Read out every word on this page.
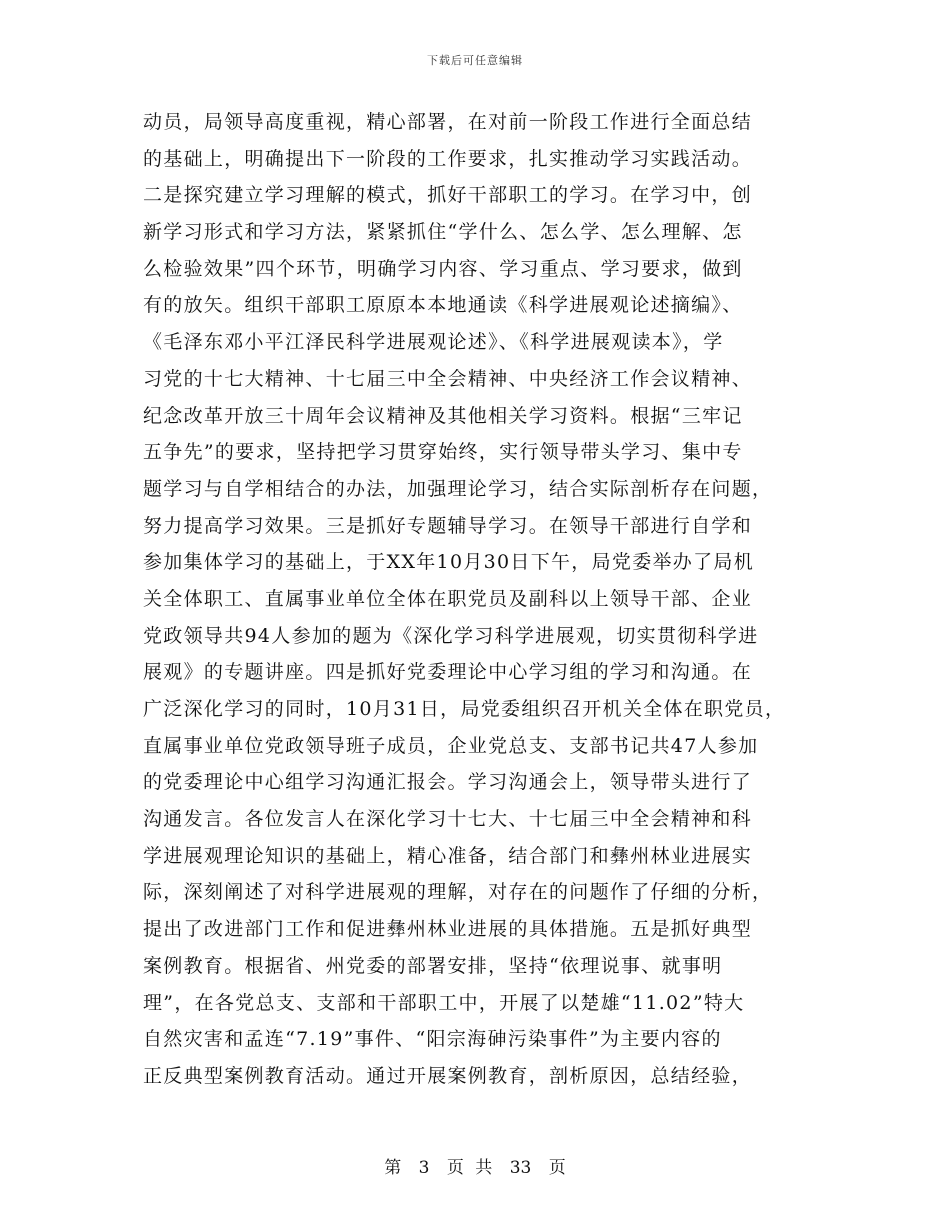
下载后可任意编辑
动员，局领导高度重视，精心部署，在对前一阶段工作进行全面总结
的基础上，明确提出下一阶段的工作要求，扎实推动学习实践活动。
二是探究建立学习理解的模式，抓好干部职工的学习。在学习中，创
新学习形式和学习方法，紧紧抓住“学什么、怎么学、怎么理解、怎
么检验效果”四个环节，明确学习内容、学习重点、学习要求，做到
有的放矢。组织干部职工原原本本地通读《科学进展观论述摘编》、
《毛泽东邓小平江泽民科学进展观论述》、《科学进展观读本》，学
习党的十七大精神、十七届三中全会精神、中央经济工作会议精神、
纪念改革开放三十周年会议精神及其他相关学习资料。根据“三牢记
五争先”的要求，坚持把学习贯穿始终，实行领导带头学习、集中专
题学习与自学相结合的办法，加强理论学习，结合实际剖析存在问题，
努力提高学习效果。三是抓好专题辅导学习。在领导干部进行自学和
参加集体学习的基础上，于XX年10月30日下午，局党委举办了局机
关全体职工、直属事业单位全体在职党员及副科以上领导干部、企业
党政领导共94人参加的题为《深化学习科学进展观，切实贯彻科学进
展观》的专题讲座。四是抓好党委理论中心学习组的学习和沟通。在
广泛深化学习的同时，10月31日，局党委组织召开机关全体在职党员，
直属事业单位党政领导班子成员，企业党总支、支部书记共47人参加
的党委理论中心组学习沟通汇报会。学习沟通会上，领导带头进行了
沟通发言。各位发言人在深化学习十七大、十七届三中全会精神和科
学进展观理论知识的基础上，精心准备，结合部门和彝州林业进展实
际，深刻阐述了对科学进展观的理解，对存在的问题作了仔细的分析，
提出了改进部门工作和促进彝州林业进展的具体措施。五是抓好典型
案例教育。根据省、州党委的部署安排，坚持“依理说事、就事明
理”，在各党总支、支部和干部职工中，开展了以楚雄“11.02”特大
自然灾害和孟连“7.19”事件、“阳宗海砷污染事件”为主要内容的
正反典型案例教育活动。通过开展案例教育，剖析原因，总结经验，
第 3 页 共 33 页
